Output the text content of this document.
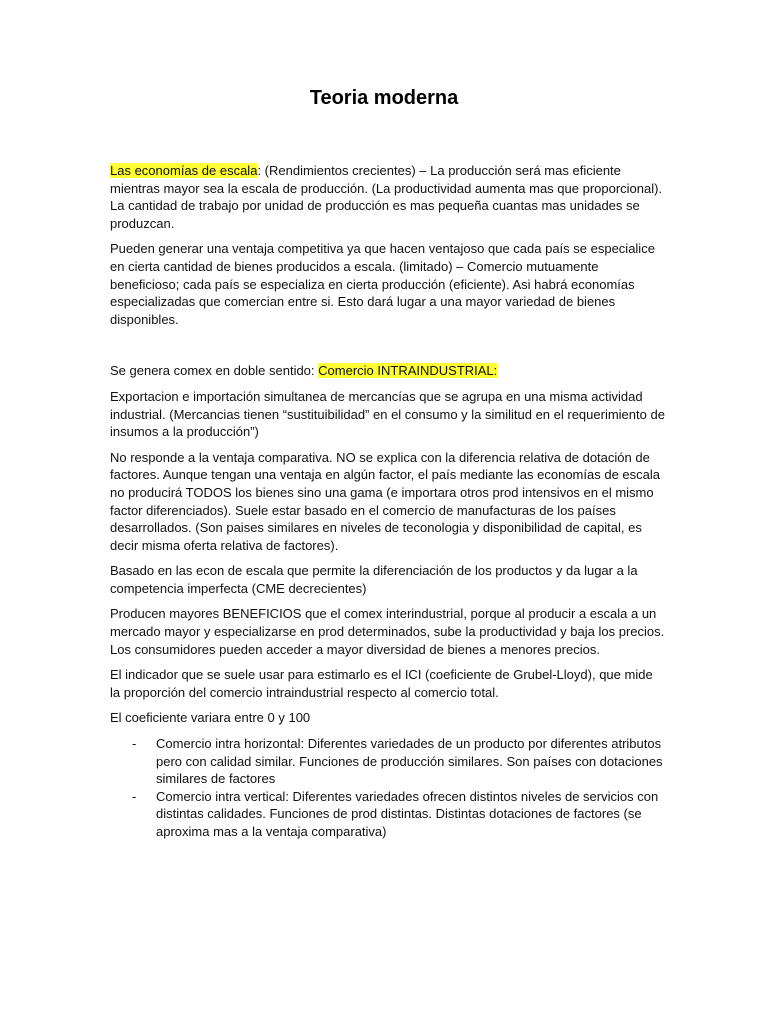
Teoria moderna

Las economías de escala: (Rendimientos crecientes) – La producción será mas eficiente mientras mayor sea la escala de producción. (La productividad aumenta mas que proporcional). La cantidad de trabajo por unidad de producción es mas pequeña cuantas mas unidades se produzcan.

Pueden generar una ventaja competitiva ya que hacen ventajoso que cada país se especialice en cierta cantidad de bienes producidos a escala. (limitado) – Comercio mutuamente beneficioso; cada país se especializa en cierta producción (eficiente). Asi habrá economías especializadas que comercian entre si. Esto dará lugar a una mayor variedad de bienes disponibles.

Se genera comex en doble sentido: Comercio INTRAINDUSTRIAL:

Exportacion e importación simultanea de mercancías que se agrupa en una misma actividad industrial. (Mercancias tienen “sustituibilidad” en el consumo y la similitud en el requerimiento de insumos a la producción”)

No responde a la ventaja comparativa. NO se explica con la diferencia relativa de dotación de factores. Aunque tengan una ventaja en algún factor, el país mediante las economías de escala no producirá TODOS los bienes sino una gama (e importara otros prod intensivos en el mismo factor diferenciados). Suele estar basado en el comercio de manufacturas de los países desarrollados. (Son paises similares en niveles de teconologia y disponibilidad de capital, es decir misma oferta relativa de factores).

Basado en las econ de escala que permite la diferenciación de los productos y da lugar a la competencia imperfecta (CME decrecientes)

Producen mayores BENEFICIOS que el comex interindustrial, porque al producir a escala a un mercado mayor y especializarse en prod determinados, sube la productividad y baja los precios. Los consumidores pueden acceder a mayor diversidad de bienes a menores precios.

El indicador que se suele usar para estimarlo es el ICI (coeficiente de Grubel-Lloyd), que mide la proporción del comercio intraindustrial respecto al comercio total.

El coeficiente variara entre 0 y 100

- Comercio intra horizontal: Diferentes variedades de un producto por diferentes atributos pero con calidad similar. Funciones de producción similares. Son países con dotaciones similares de factores
- Comercio intra vertical: Diferentes variedades ofrecen distintos niveles de servicios con distintas calidades. Funciones de prod distintas. Distintas dotaciones de factores (se aproxima mas a la ventaja comparativa)
